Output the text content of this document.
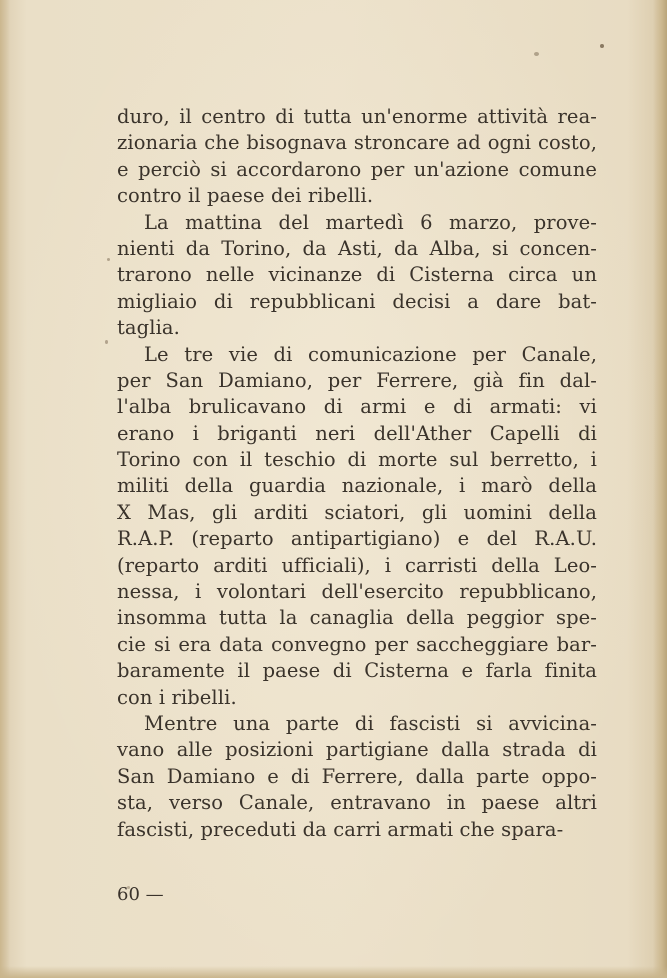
duro, il centro di tutta un'enorme attività rea-
zionaria che bisognava stroncare ad ogni costo,
e perciò si accordarono per un'azione comune
contro il paese dei ribelli.
La mattina del martedì 6 marzo, prove-
nienti da Torino, da Asti, da Alba, si concen-
trarono nelle vicinanze di Cisterna circa un
migliaio di repubblicani decisi a dare bat-
taglia.
Le tre vie di comunicazione per Canale,
per San Damiano, per Ferrere, già fin dal-
l'alba brulicavano di armi e di armati: vi
erano i briganti neri dell'Ather Capelli di
Torino con il teschio di morte sul berretto, i
militi della guardia nazionale, i marò della
X Mas, gli arditi sciatori, gli uomini della
R.A.P. (reparto antipartigiano) e del R.A.U.
(reparto arditi ufficiali), i carristi della Leo-
nessa, i volontari dell'esercito repubblicano,
insomma tutta la canaglia della peggior spe-
cie si era data convegno per saccheggiare bar-
baramente il paese di Cisterna e farla finita
con i ribelli.
Mentre una parte di fascisti si avvicina-
vano alle posizioni partigiane dalla strada di
San Damiano e di Ferrere, dalla parte oppo-
sta, verso Canale, entravano in paese altri
fascisti, preceduti da carri armati che spara-
60 —
